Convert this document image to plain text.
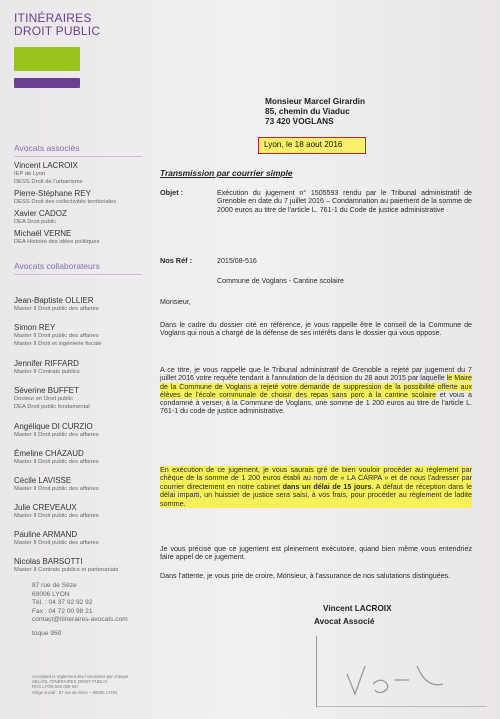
ITINÉRAIRES
DROIT PUBLIC
Avocats associés
Vincent LACROIX
IEP de Lyon
DESS Droit de l'urbanisme
Pierre-Stéphane REY
DESS Droit des collectivités territoriales
Xavier CADOZ
DEA Droit public
Michaël VERNE
DEA Histoire des idées politiques
Avocats collaborateurs
Jean-Baptiste OLLIER
Master II Droit public des affaires
Simon REY
Master II Droit public des affaires
Master II Droit et ingénierie fiscale
Jennifer RIFFARD
Master II Contrats publics
Séverine BUFFET
Docteur en Droit public
DEA Droit public fondamental
Angélique DI CURZIO
Master II Droit public des affaires
Émeline CHAZAUD
Master II Droit public des affaires
Cécile LAVISSE
Master II Droit public des affaires
Julie CREVEAUX
Master II Droit public des affaires
Pauline ARMAND
Master II Droit public des affaires
Nicolas BARSOTTI
Master II Contrats publics et partenariats
87 rue de Sèze
69006 LYON
Tél. : 04 37 92 92 92
Fax : 04 72 00 98 21
contact@itineraires-avocats.com
toque 950
Acceptant le règlement des honoraires par chèque
SELARL ITINÉRAIRES DROIT PUBLIC
RCS LYON 503 009 667
Siège social : 87 rue de Sèze – 69006 LYON
Monsieur Marcel Girardin
85, chemin du Viaduc
73 420 VOGLANS
Lyon, le 18 aout 2016
Transmission par courrier simple
Objet :	Exécution du jugement n° 1505593 rendu par le Tribunal administratif de Grenoble en date du 7 juillet 2016 – Condamnation au paiement de la somme de 2000 euros au titre de l'article L. 761-1 du Code de justice administrative
Nos Réf :	2015/08-516
Commune de Voglans - Cantine scolaire
Monsieur,
Dans le cadre du dossier cité en référence, je vous rappelle être le conseil de la Commune de Voglans qui nous a chargé de la défense de ses intérêts dans le dossier qui vous oppose.
A ce titre, je vous rappelle que le Tribunal administratif de Grenoble a rejeté par jugement du 7 juillet 2016 votre requête tendant à l'annulation de la décision du 28 aout 2015 par laquelle le Maire de la Commune de Voglans a rejeté votre demande de suppression de la possibilité offerte aux élèves de l'école communale de choisir des repas sans porc à la cantine scolaire et vous a condamné à verser, à la Commune de Voglans, une somme de 1 200 euros au titre de l'article L. 761-1 du code de justice administrative.
En exécution de ce jugement, je vous saurais gré de bien vouloir procéder au règlement par chèque de la somme de 1 200 euros établi au nom de « LA CARPA » et de nous l'adresser par courrier directement en notre cabinet dans un délai de 15 jours. A défaut de réception dans le délai imparti, un huissier de justice sera saisi, à vos frais, pour procéder au règlement de ladite somme.
Je vous précise que ce jugement est pleinement exécutoire, quand bien même vous entendriez faire appel de ce jugement.
Dans l'attente, je vous prie de croire, Monsieur, à l'assurance de nos salutations distinguées.
Vincent LACROIX
Avocat Associé
